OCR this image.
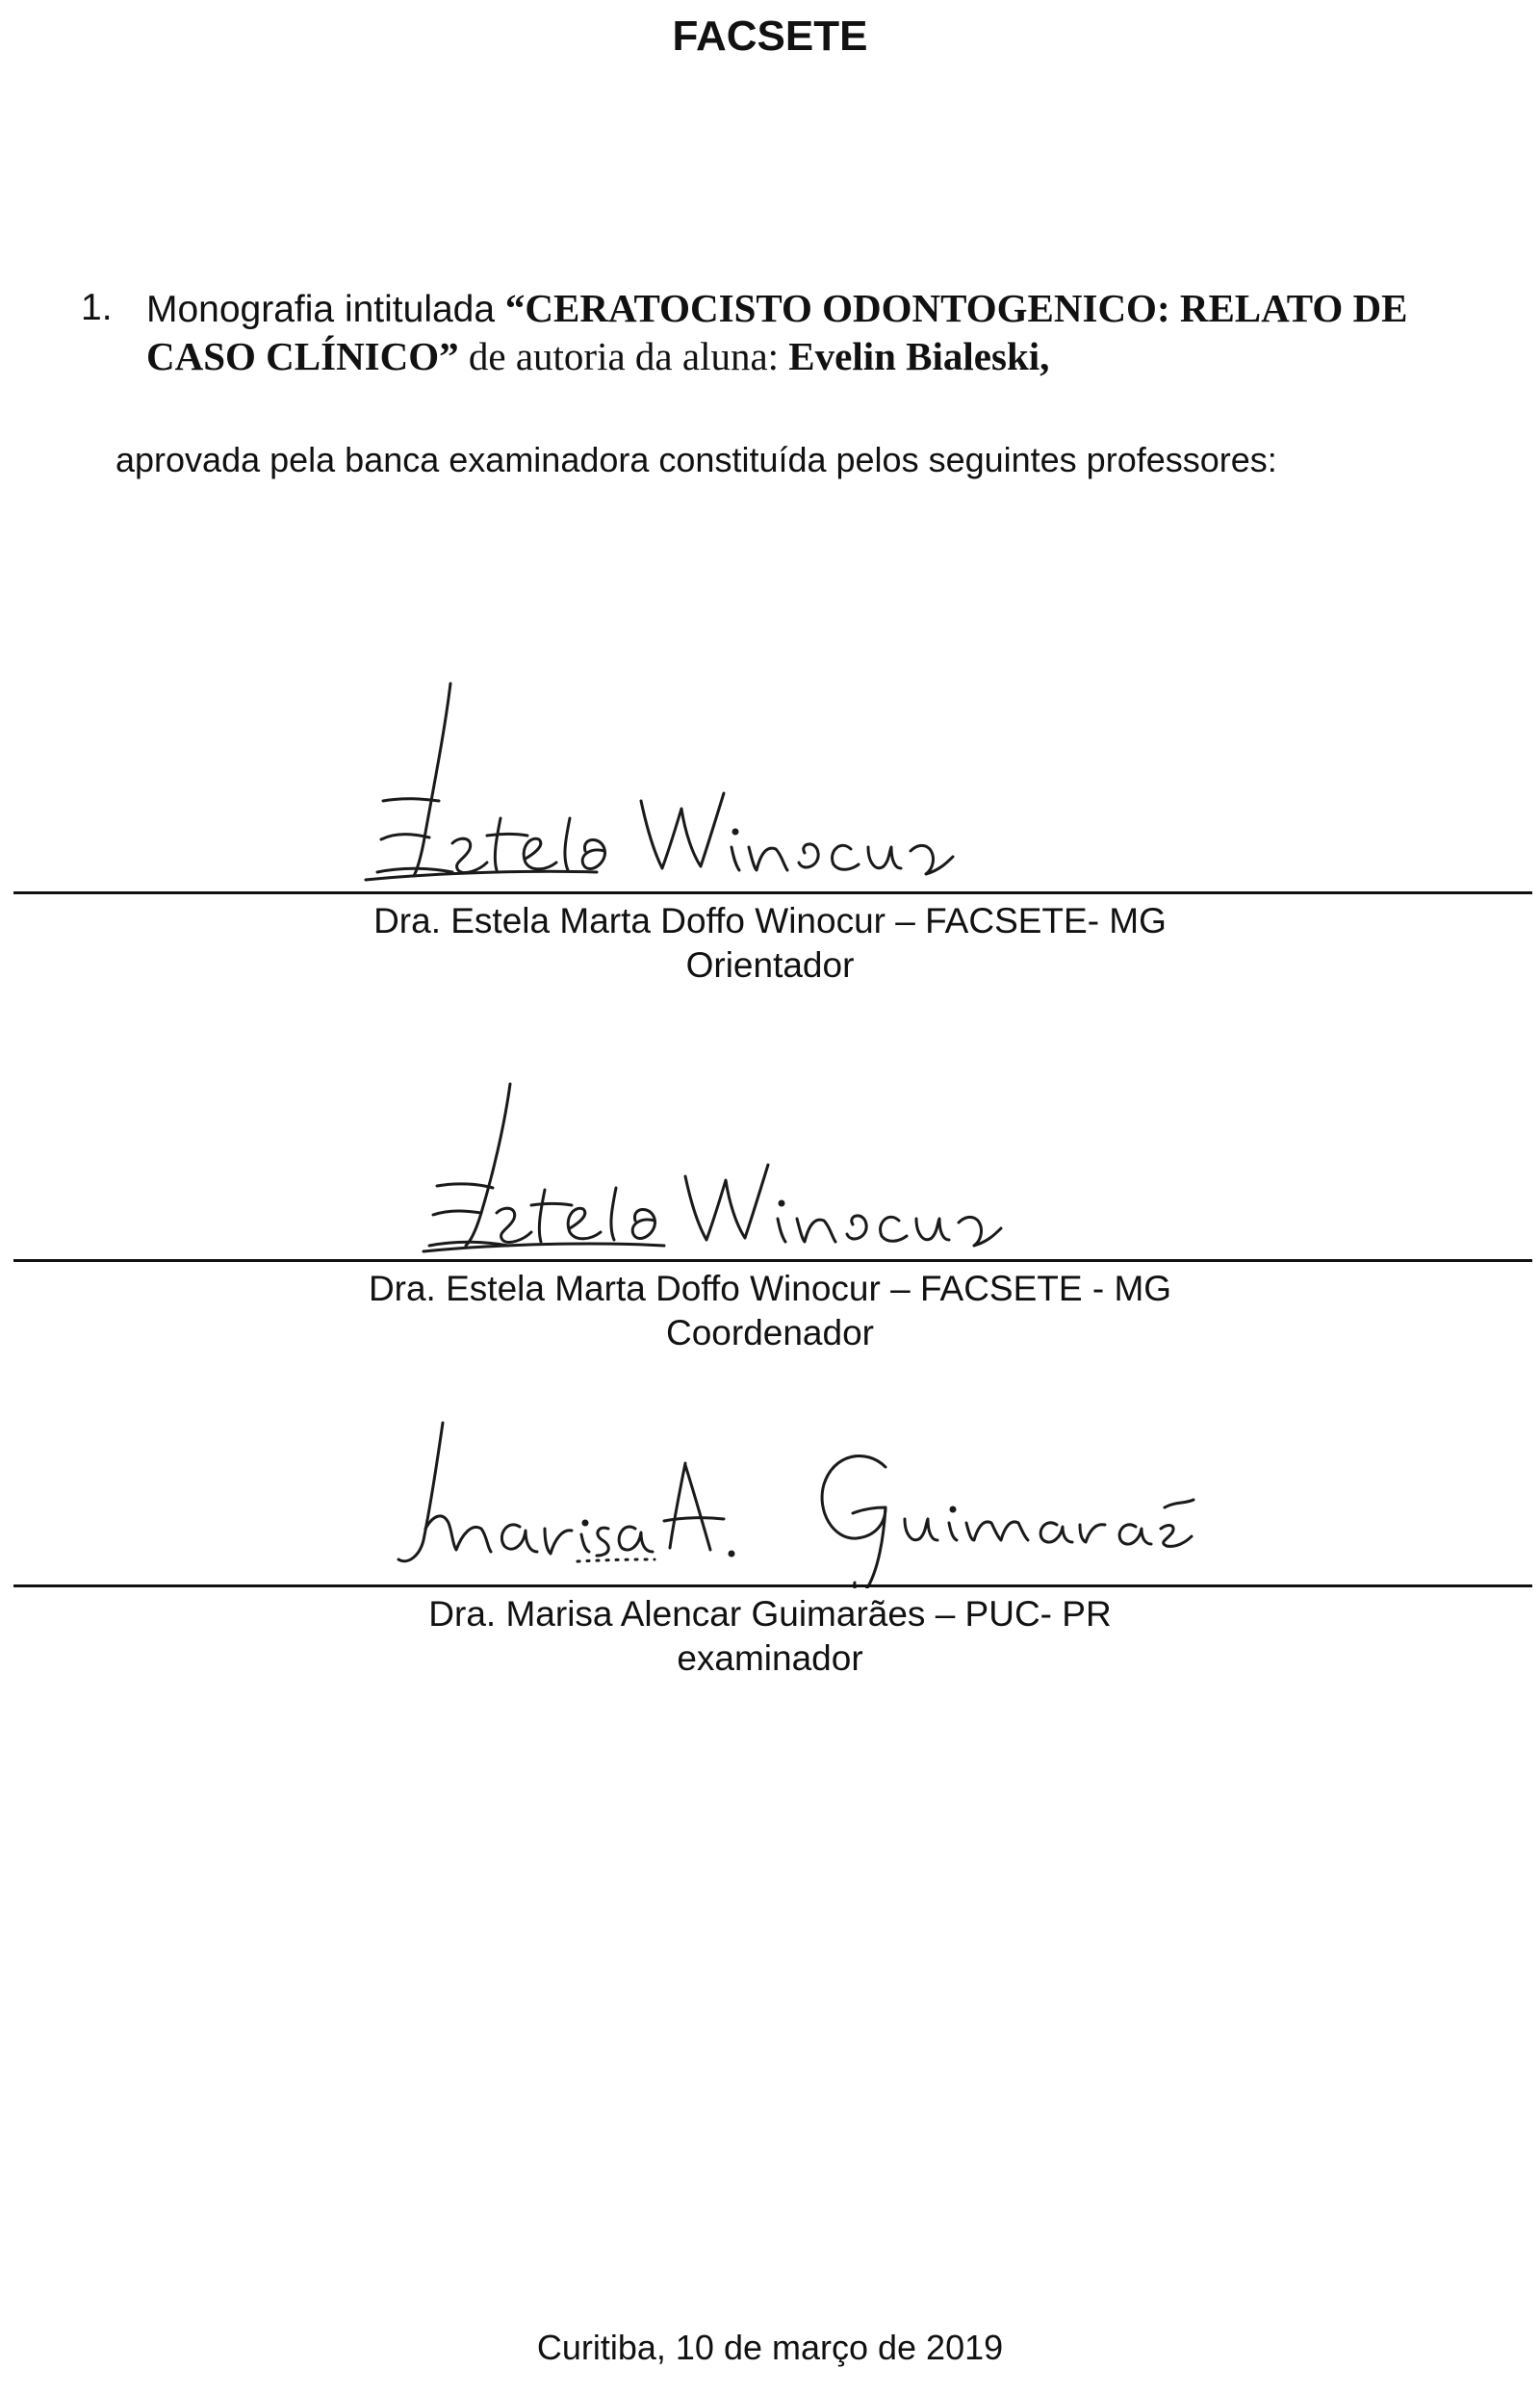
FACSETE
1. Monografia intitulada “CERATOCISTO ODONTOGENICO: RELATO DE CASO CLÍNICO” de autoria da aluna: Evelin Bialeski,
aprovada pela banca examinadora constituída pelos seguintes professores:
Dra. Estela Marta Doffo Winocur – FACSETE- MG
Orientador
Dra. Estela Marta Doffo Winocur – FACSETE - MG
Coordenador
Dra. Marisa Alencar Guimarães – PUC- PR
examinador
Curitiba, 10 de março de 2019
